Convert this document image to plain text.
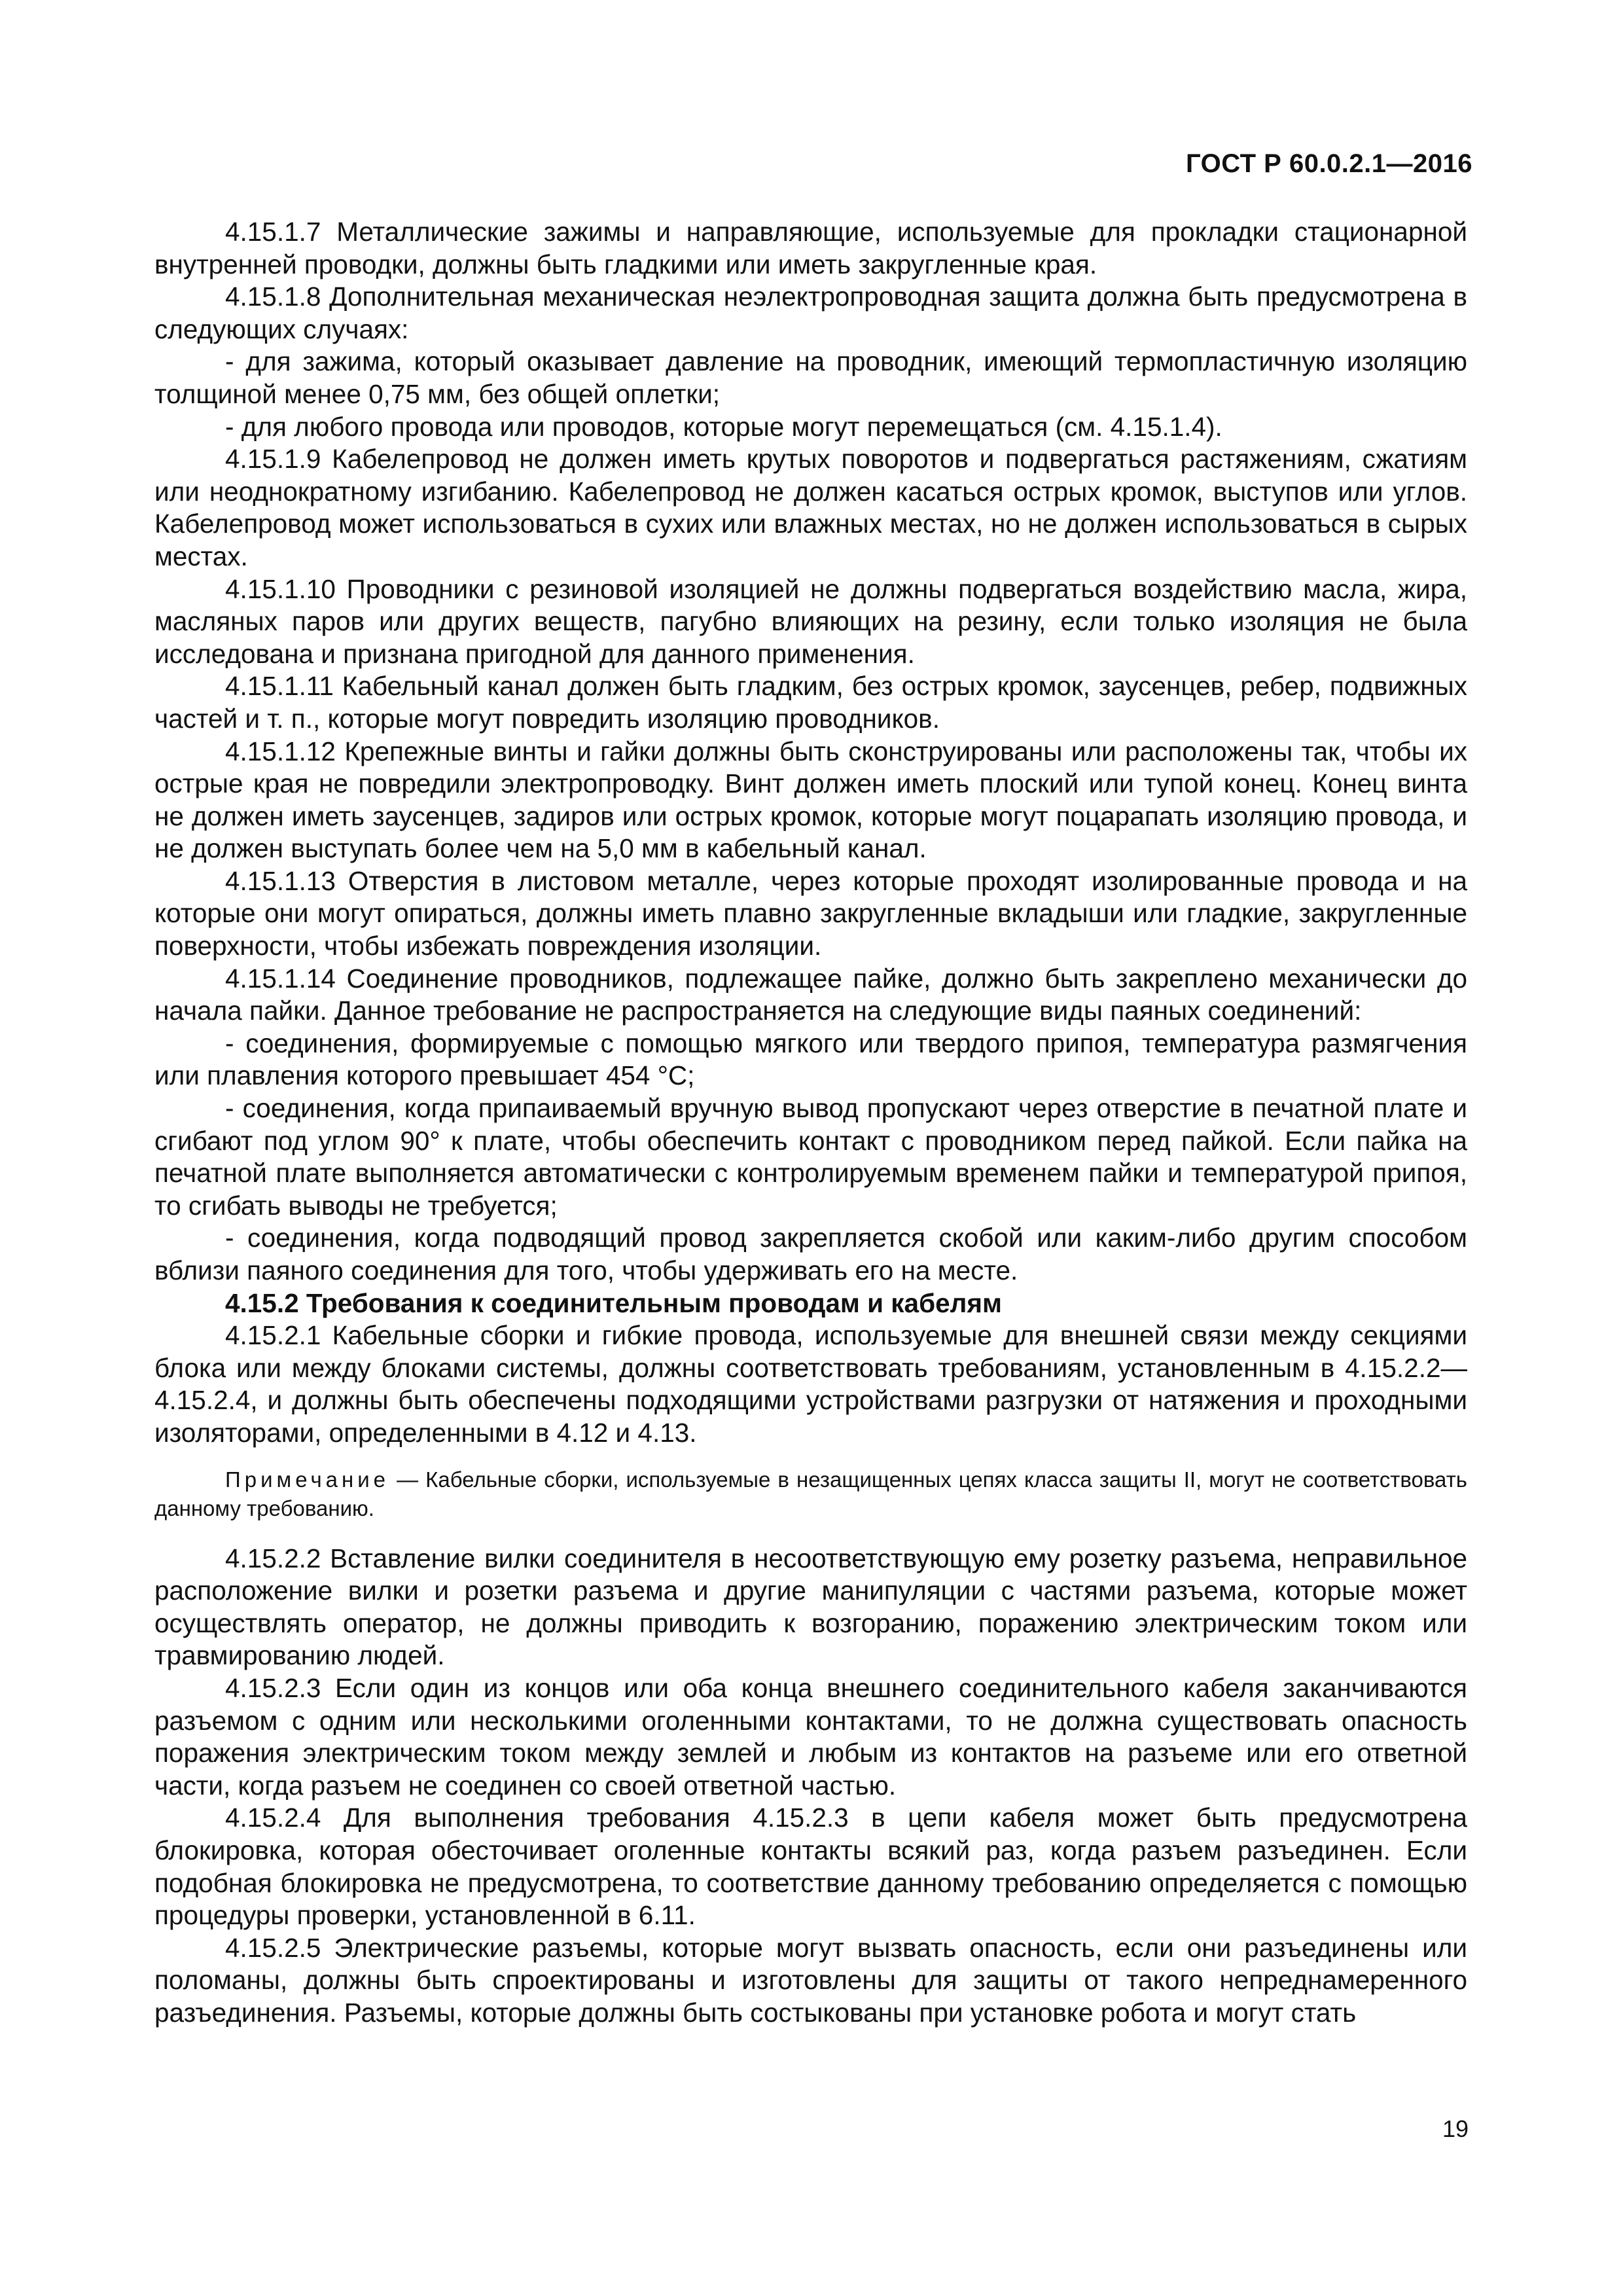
ГОСТ Р 60.0.2.1—2016

4.15.1.7 Металлические зажимы и направляющие, используемые для прокладки стационарной внутренней проводки, должны быть гладкими или иметь закругленные края.

4.15.1.8 Дополнительная механическая неэлектропроводная защита должна быть предусмотрена в следующих случаях:

- для зажима, который оказывает давление на проводник, имеющий термопластичную изоляцию толщиной менее 0,75 мм, без общей оплетки;

- для любого провода или проводов, которые могут перемещаться (см. 4.15.1.4).

4.15.1.9 Кабелепровод не должен иметь крутых поворотов и подвергаться растяжениям, сжатиям или неоднократному изгибанию. Кабелепровод не должен касаться острых кромок, выступов или углов. Кабелепровод может использоваться в сухих или влажных местах, но не должен использоваться в сырых местах.

4.15.1.10 Проводники с резиновой изоляцией не должны подвергаться воздействию масла, жира, масляных паров или других веществ, пагубно влияющих на резину, если только изоляция не была исследована и признана пригодной для данного применения.

4.15.1.11 Кабельный канал должен быть гладким, без острых кромок, заусенцев, ребер, подвижных частей и т. п., которые могут повредить изоляцию проводников.

4.15.1.12 Крепежные винты и гайки должны быть сконструированы или расположены так, чтобы их острые края не повредили электропроводку. Винт должен иметь плоский или тупой конец. Конец винта не должен иметь заусенцев, задиров или острых кромок, которые могут поцарапать изоляцию провода, и не должен выступать более чем на 5,0 мм в кабельный канал.

4.15.1.13 Отверстия в листовом металле, через которые проходят изолированные провода и на которые они могут опираться, должны иметь плавно закругленные вкладыши или гладкие, закругленные поверхности, чтобы избежать повреждения изоляции.

4.15.1.14 Соединение проводников, подлежащее пайке, должно быть закреплено механически до начала пайки. Данное требование не распространяется на следующие виды паяных соединений:

- соединения, формируемые с помощью мягкого или твердого припоя, температура размягчения или плавления которого превышает 454 °С;

- соединения, когда припаиваемый вручную вывод пропускают через отверстие в печатной плате и сгибают под углом 90° к плате, чтобы обеспечить контакт с проводником перед пайкой. Если пайка на печатной плате выполняется автоматически с контролируемым временем пайки и температурой припоя, то сгибать выводы не требуется;

- соединения, когда подводящий провод закрепляется скобой или каким-либо другим способом вблизи паяного соединения для того, чтобы удерживать его на месте.

4.15.2 Требования к соединительным проводам и кабелям

4.15.2.1 Кабельные сборки и гибкие провода, используемые для внешней связи между секциями блока или между блоками системы, должны соответствовать требованиям, установленным в 4.15.2.2—4.15.2.4, и должны быть обеспечены подходящими устройствами разгрузки от натяжения и проходными изоляторами, определенными в 4.12 и 4.13.

Примечание — Кабельные сборки, используемые в незащищенных цепях класса защиты II, могут не соответствовать данному требованию.

4.15.2.2 Вставление вилки соединителя в несоответствующую ему розетку разъема, неправильное расположение вилки и розетки разъема и другие манипуляции с частями разъема, которые может осуществлять оператор, не должны приводить к возгоранию, поражению электрическим током или травмированию людей.

4.15.2.3 Если один из концов или оба конца внешнего соединительного кабеля заканчиваются разъемом с одним или несколькими оголенными контактами, то не должна существовать опасность поражения электрическим током между землей и любым из контактов на разъеме или его ответной части, когда разъем не соединен со своей ответной частью.

4.15.2.4 Для выполнения требования 4.15.2.3 в цепи кабеля может быть предусмотрена блокировка, которая обесточивает оголенные контакты всякий раз, когда разъем разъединен. Если подобная блокировка не предусмотрена, то соответствие данному требованию определяется с помощью процедуры проверки, установленной в 6.11.

4.15.2.5 Электрические разъемы, которые могут вызвать опасность, если они разъединены или поломаны, должны быть спроектированы и изготовлены для защиты от такого непреднамеренного разъединения. Разъемы, которые должны быть состыкованы при установке робота и могут стать

19
